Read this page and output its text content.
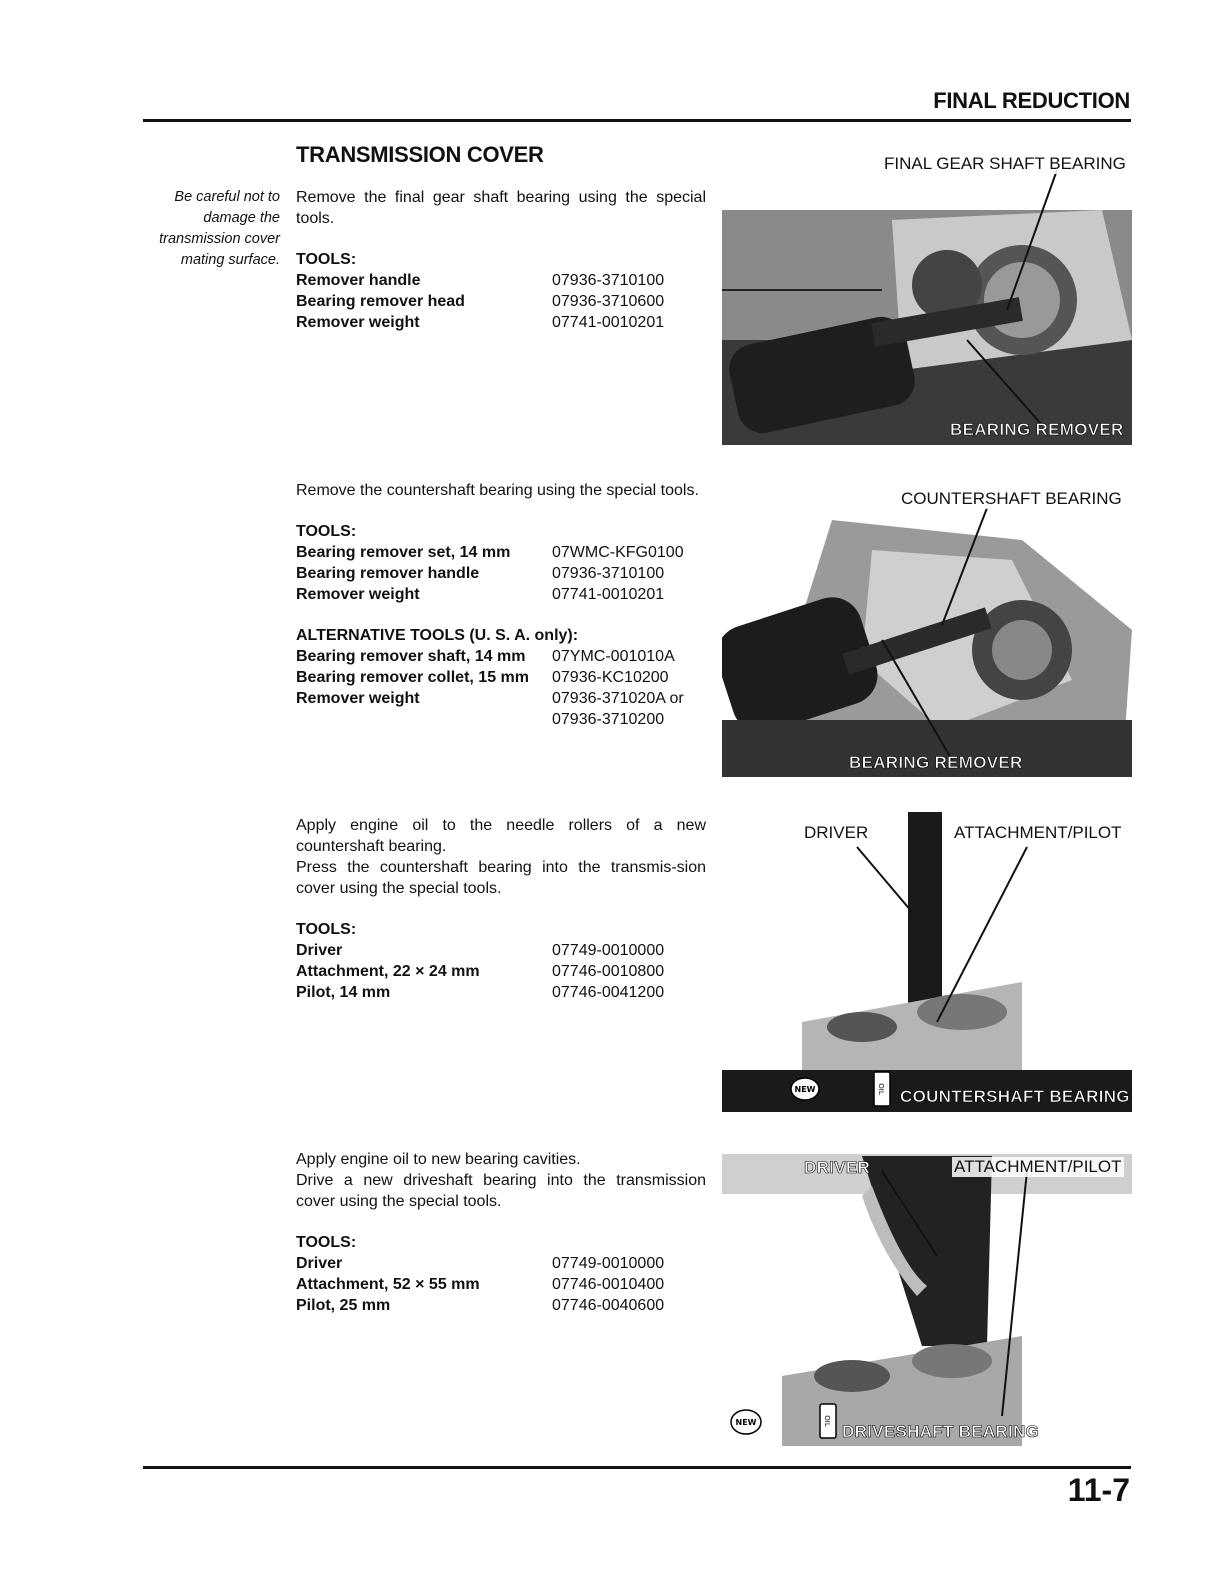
FINAL REDUCTION
TRANSMISSION COVER
Be careful not to
damage the
transmission cover
mating surface.
Remove the final gear shaft bearing using the special tools.
TOOLS:
Remover handle	07936-3710100
Bearing remover head	07936-3710600
Remover weight	07741-0010201
Remove the countershaft bearing using the special tools.
TOOLS:
Bearing remover set, 14 mm	07WMC-KFG0100
Bearing remover handle	07936-3710100
Remover weight	07741-0010201
ALTERNATIVE TOOLS (U. S. A. only):
Bearing remover shaft, 14 mm	07YMC-001010A
Bearing remover collet, 15 mm	07936-KC10200
Remover weight	07936-371020A or
07936-3710200
Apply engine oil to the needle rollers of a new countershaft bearing.
Press the countershaft bearing into the transmis-sion cover using the special tools.
TOOLS:
Driver	07749-0010000
Attachment, 22 × 24 mm	07746-0010800
Pilot, 14 mm	07746-0041200
Apply engine oil to new bearing cavities.
Drive a new driveshaft bearing into the transmission cover using the special tools.
TOOLS:
Driver	07749-0010000
Attachment, 52 × 55 mm	07746-0010400
Pilot, 25 mm	07746-0040600
FINAL GEAR SHAFT BEARING
BEARING REMOVER
COUNTERSHAFT BEARING
BEARING REMOVER
DRIVER	ATTACHMENT/PILOT
NEW	OIL COUNTERSHAFT BEARING
DRIVER	ATTACHMENT/PILOT
NEW	OIL
DRIVESHAFT BEARING
11-7
